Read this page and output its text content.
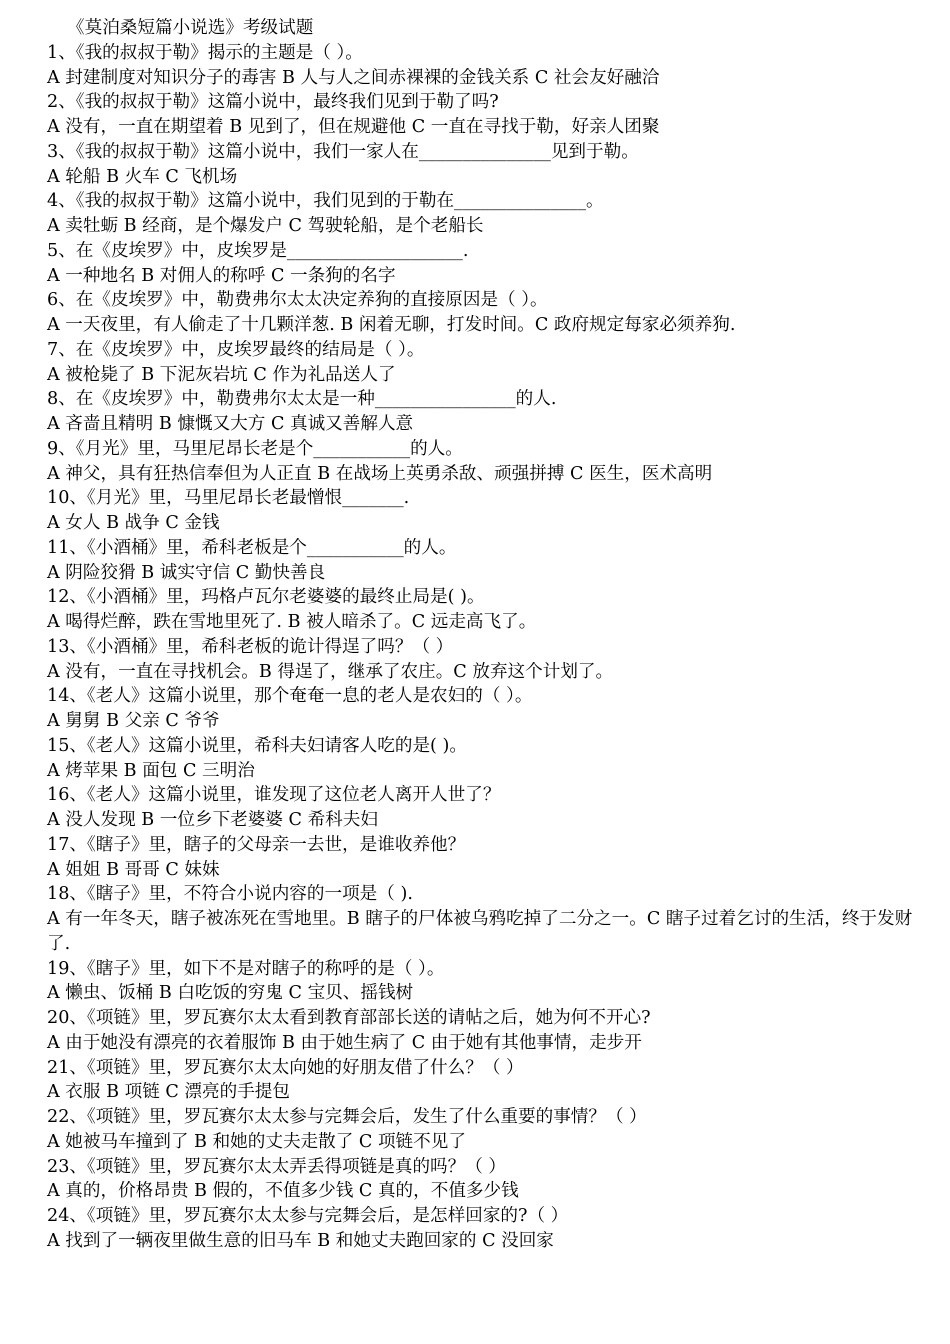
《莫泊桑短篇小说选》考级试题
1、《我的叔叔于勒》揭示的主题是（ ）。
A 封建制度对知识分子的毒害 B 人与人之间赤裸裸的金钱关系 C 社会友好融洽
2、《我的叔叔于勒》这篇小说中，最终我们见到于勒了吗?
A 没有，一直在期望着 B 见到了，但在规避他 C 一直在寻找于勒，好亲人团聚
3、《我的叔叔于勒》这篇小说中，我们一家人在_______________见到于勒。
A 轮船 B 火车 C 飞机场
4、《我的叔叔于勒》这篇小说中，我们见到的于勒在_______________。
A 卖牡蛎 B 经商，是个爆发户 C 驾驶轮船，是个老船长
5、在《皮埃罗》中，皮埃罗是____________________.
A 一种地名 B 对佣人的称呼 C 一条狗的名字
6、在《皮埃罗》中，勒费弗尔太太决定养狗的直接原因是（ ）。
A 一天夜里，有人偷走了十几颗洋葱. B 闲着无聊，打发时间。C 政府规定每家必须养狗.
7、在《皮埃罗》中，皮埃罗最终的结局是（ ）。
A 被枪毙了 B 下泥灰岩坑 C 作为礼品送人了
8、在《皮埃罗》中，勒费弗尔太太是一种________________的人.
A 吝啬且精明 B 慷慨又大方 C 真诚又善解人意
9、《月光》里，马里尼昂长老是个___________的人。
A 神父，具有狂热信奉但为人正直 B 在战场上英勇杀敌、顽强拼搏 C 医生，医术高明
10、《月光》里，马里尼昂长老最憎恨_______.
A 女人 B 战争 C 金钱
11、《小酒桶》里，希科老板是个___________的人。
A 阴险狡猾 B 诚实守信 C 勤快善良
12、《小酒桶》里，玛格卢瓦尔老婆婆的最终止局是( )。
A 喝得烂醉，跌在雪地里死了. B 被人暗杀了。C 远走高飞了。
13、《小酒桶》里，希科老板的诡计得逞了吗？（ ）
A 没有，一直在寻找机会。B 得逞了，继承了农庄。C 放弃这个计划了。
14、《老人》这篇小说里，那个奄奄一息的老人是农妇的（ ）。
A 舅舅 B 父亲 C 爷爷
15、《老人》这篇小说里，希科夫妇请客人吃的是( )。
A 烤苹果 B 面包 C 三明治
16、《老人》这篇小说里，谁发现了这位老人离开人世了？
A 没人发现 B 一位乡下老婆婆 C 希科夫妇
17、《瞎子》里，瞎子的父母亲一去世，是谁收养他？
A 姐姐 B 哥哥 C 妹妹
18、《瞎子》里，不符合小说内容的一项是（ ).
A 有一年冬天，瞎子被冻死在雪地里。B 瞎子的尸体被乌鸦吃掉了二分之一。C 瞎子过着乞讨的生活，终于发财了.
19、《瞎子》里，如下不是对瞎子的称呼的是（ ）。
A 懒虫、饭桶 B 白吃饭的穷鬼 C 宝贝、摇钱树
20、《项链》里，罗瓦赛尔太太看到教育部部长送的请帖之后，她为何不开心?
A 由于她没有漂亮的衣着服饰 B 由于她生病了 C 由于她有其他事情，走步开
21、《项链》里，罗瓦赛尔太太向她的好朋友借了什么？（ ）
A 衣服 B 项链 C 漂亮的手提包
22、《项链》里，罗瓦赛尔太太参与完舞会后，发生了什么重要的事情？（ ）
A 她被马车撞到了 B 和她的丈夫走散了 C 项链不见了
23、《项链》里，罗瓦赛尔太太弄丢得项链是真的吗？（ ）
A 真的，价格昂贵 B 假的，不值多少钱 C 真的，不值多少钱
24、《项链》里，罗瓦赛尔太太参与完舞会后，是怎样回家的?（ ）
A 找到了一辆夜里做生意的旧马车 B 和她丈夫跑回家的 C 没回家
